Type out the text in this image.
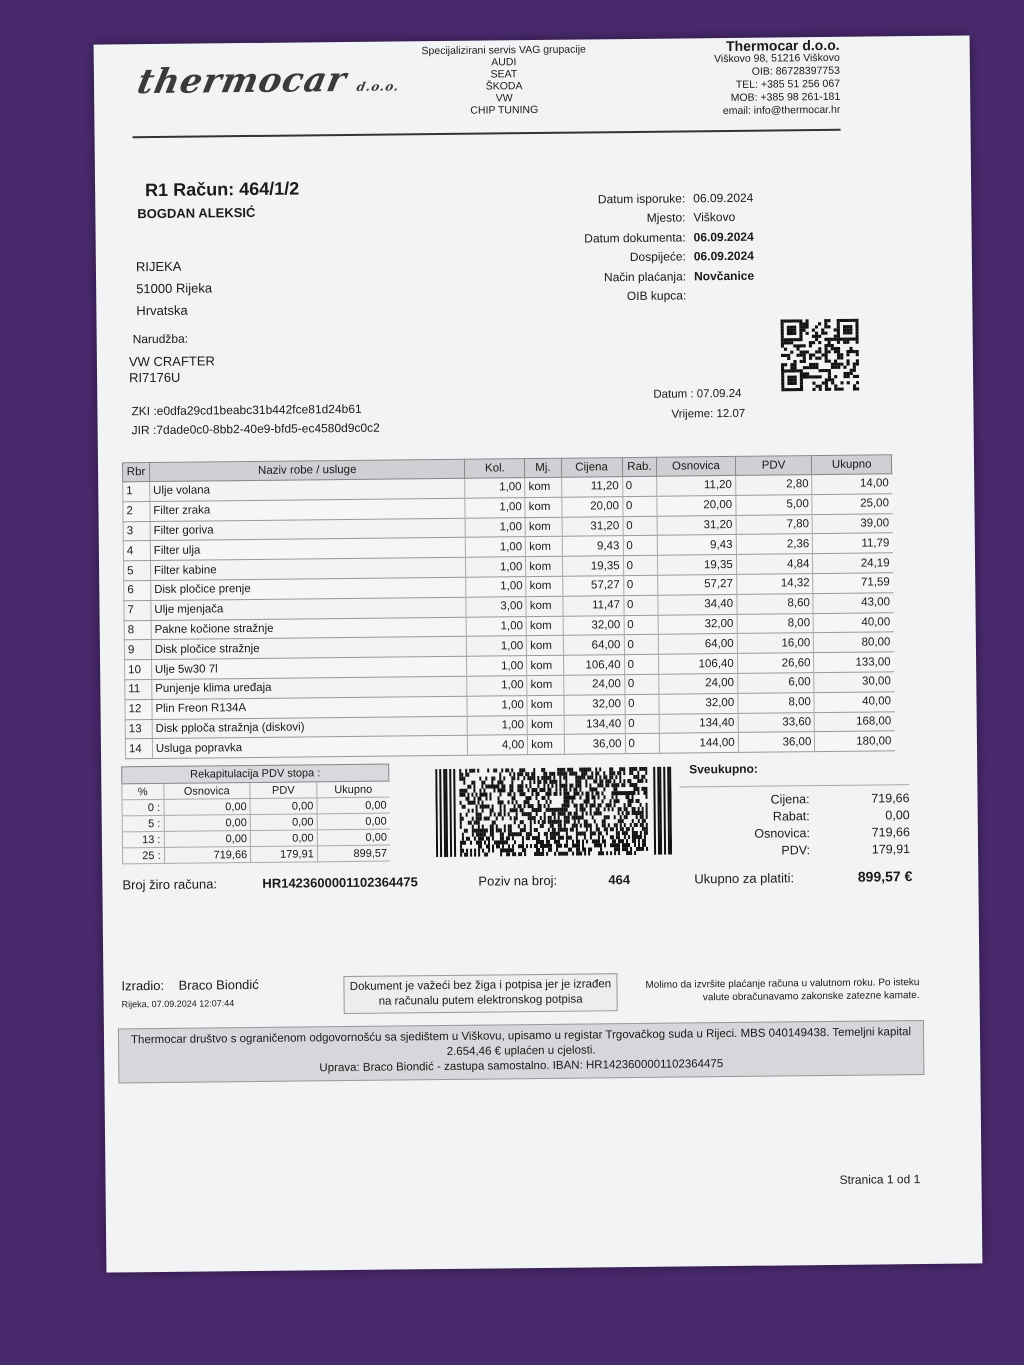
thermocar d.o.o.
Specijalizirani servis VAG grupacije
AUDI
SEAT
ŠKODA
VW
CHIP TUNING
Thermocar d.o.o.
Viškovo 98, 51216 Viškovo
OIB: 86728397753
TEL: +385 51 256 067
MOB: +385 98 261-181
email: info@thermocar.hr
R1 Račun: 464/1/2
BOGDAN ALEKSIĆ
RIJEKA
51000 Rijeka
Hrvatska
Narudžba:
VW CRAFTER
RI7176U
ZKI :e0dfa29cd1beabc31b442fce81d24b61
JIR :7dade0c0-8bb2-40e9-bfd5-ec4580d9c0c2
Datum isporuke: 06.09.2024
Mjesto: Viškovo
Datum dokumenta: 06.09.2024
Dospijeće: 06.09.2024
Način plaćanja: Novčanice
OIB kupca:
Datum : 07.09.24
Vrijeme: 12.07
Rbr	Naziv robe / usluge	Kol.	Mj.	Cijena	Rab.	Osnovica	PDV	Ukupno
1	Ulje volana	1,00	kom	11,20	0	11,20	2,80	14,00
2	Filter zraka	1,00	kom	20,00	0	20,00	5,00	25,00
3	Filter goriva	1,00	kom	31,20	0	31,20	7,80	39,00
4	Filter ulja	1,00	kom	9,43	0	9,43	2,36	11,79
5	Filter kabine	1,00	kom	19,35	0	19,35	4,84	24,19
6	Disk pločice prenje	1,00	kom	57,27	0	57,27	14,32	71,59
7	Ulje mjenjača	3,00	kom	11,47	0	34,40	8,60	43,00
8	Pakne kočione stražnje	1,00	kom	32,00	0	32,00	8,00	40,00
9	Disk pločice stražnje	1,00	kom	64,00	0	64,00	16,00	80,00
10	Ulje 5w30 7l	1,00	kom	106,40	0	106,40	26,60	133,00
11	Punjenje klima uređaja	1,00	kom	24,00	0	24,00	6,00	30,00
12	Plin Freon R134A	1,00	kom	32,00	0	32,00	8,00	40,00
13	Disk pploča stražnja (diskovi)	1,00	kom	134,40	0	134,40	33,60	168,00
14	Usluga popravka	4,00	kom	36,00	0	144,00	36,00	180,00
Rekapitulacija PDV stopa :
%	Osnovica	PDV	Ukupno
0 :	0,00	0,00	0,00
5 :	0,00	0,00	0,00
13 :	0,00	0,00	0,00
25 :	719,66	179,91	899,57
Sveukupno:
Cijena:	719,66
Rabat:	0,00
Osnovica:	719,66
PDV:	179,91
Broj žiro računa:	HR1423600001102364475	Poziv na broj:	464	Ukupno za platiti:	899,57 €
Izradio: Braco Biondić
Rijeka, 07.09.2024 12:07:44
Dokument je važeći bez žiga i potpisa jer je izrađen na računalu putem elektronskog potpisa
Molimo da izvršite plaćanje računa u valutnom roku. Po isteku valute obračunavamo zakonske zatezne kamate.
Thermocar društvo s ograničenom odgovornošću sa sjedištem u Viškovu, upisamo u registar Trgovačkog suda u Rijeci. MBS 040149438. Temeljni kapital 2.654,46 € uplaćen u cjelosti.
Uprava: Braco Biondić - zastupa samostalno. IBAN: HR1423600001102364475
Stranica 1 od 1
